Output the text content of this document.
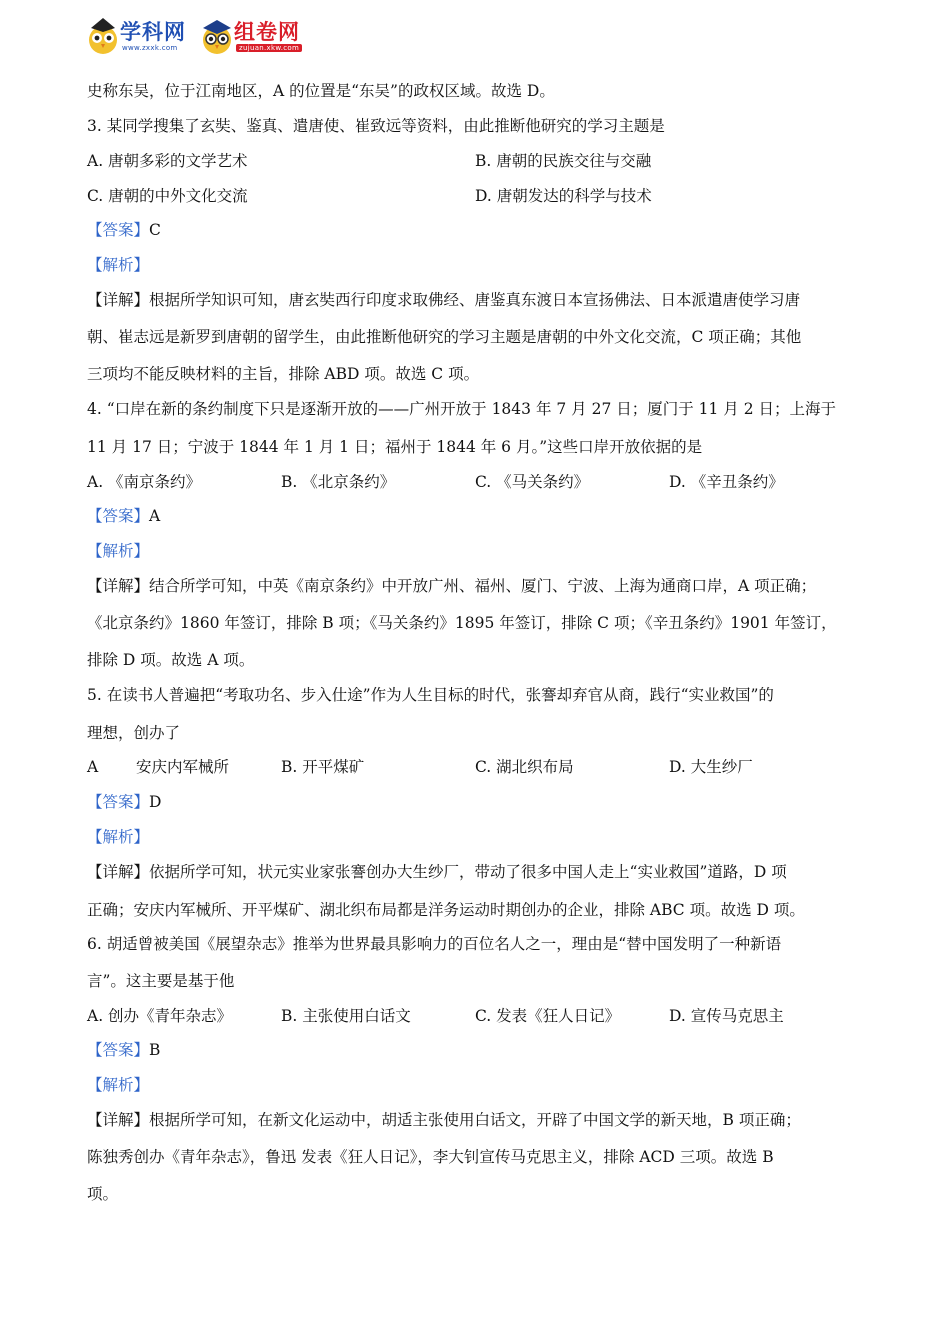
学科网
www.zxxk.com
组卷网
zujuan.xkw.com
史称东吴，位于江南地区，A 的位置是“东吴”的政权区域。故选 D。
3. 某同学搜集了玄奘、鉴真、遣唐使、崔致远等资料，由此推断他研究的学习主题是
A. 唐朝多彩的文学艺术	B. 唐朝的民族交往与交融
C. 唐朝的中外文化交流	D. 唐朝发达的科学与技术
【答案】C
【解析】
【详解】根据所学知识可知，唐玄奘西行印度求取佛经、唐鉴真东渡日本宣扬佛法、日本派遣唐使学习唐
朝、崔志远是新罗到唐朝的留学生，由此推断他研究的学习主题是唐朝的中外文化交流，C 项正确；其他
三项均不能反映材料的主旨，排除 ABD 项。故选 C 项。
4. “口岸在新的条约制度下只是逐渐开放的——广州开放于 1843 年 7 月 27 日；厦门于 11 月 2 日；上海于
11 月 17 日；宁波于 1844 年 1 月 1 日；福州于 1844 年 6 月。”这些口岸开放依据的是
A. 《南京条约》	B. 《北京条约》	C. 《马关条约》	D. 《辛丑条约》
【答案】A
【解析】
【详解】结合所学可知，中英《南京条约》中开放广州、福州、厦门、宁波、上海为通商口岸，A 项正确；
《北京条约》1860 年签订，排除 B 项；《马关条约》1895 年签订，排除 C 项；《辛丑条约》1901 年签订，
排除 D 项。故选 A 项。
5. 在读书人普遍把“考取功名、步入仕途”作为人生目标的时代，张謇却弃官从商，践行“实业救国”的
理想，创办了
A 安庆内军械所	B. 开平煤矿	C. 湖北织布局	D. 大生纱厂
【答案】D
【解析】
【详解】依据所学可知，状元实业家张謇创办大生纱厂，带动了很多中国人走上“实业救国”道路，D 项
正确；安庆内军械所、开平煤矿、湖北织布局都是洋务运动时期创办的企业，排除 ABC 项。故选 D 项。
6. 胡适曾被美国《展望杂志》推举为世界最具影响力的百位名人之一，理由是“替中国发明了一种新语
言”。这主要是基于他
A. 创办《青年杂志》	B. 主张使用白话文	C. 发表《狂人日记》	D. 宣传马克思主
【答案】B
【解析】
【详解】根据所学可知，在新文化运动中，胡适主张使用白话文，开辟了中国文学的新天地，B 项正确；
陈独秀创办《青年杂志》，鲁迅 发表《狂人日记》，李大钊宣传马克思主义，排除 ACD 三项。故选 B
项。
